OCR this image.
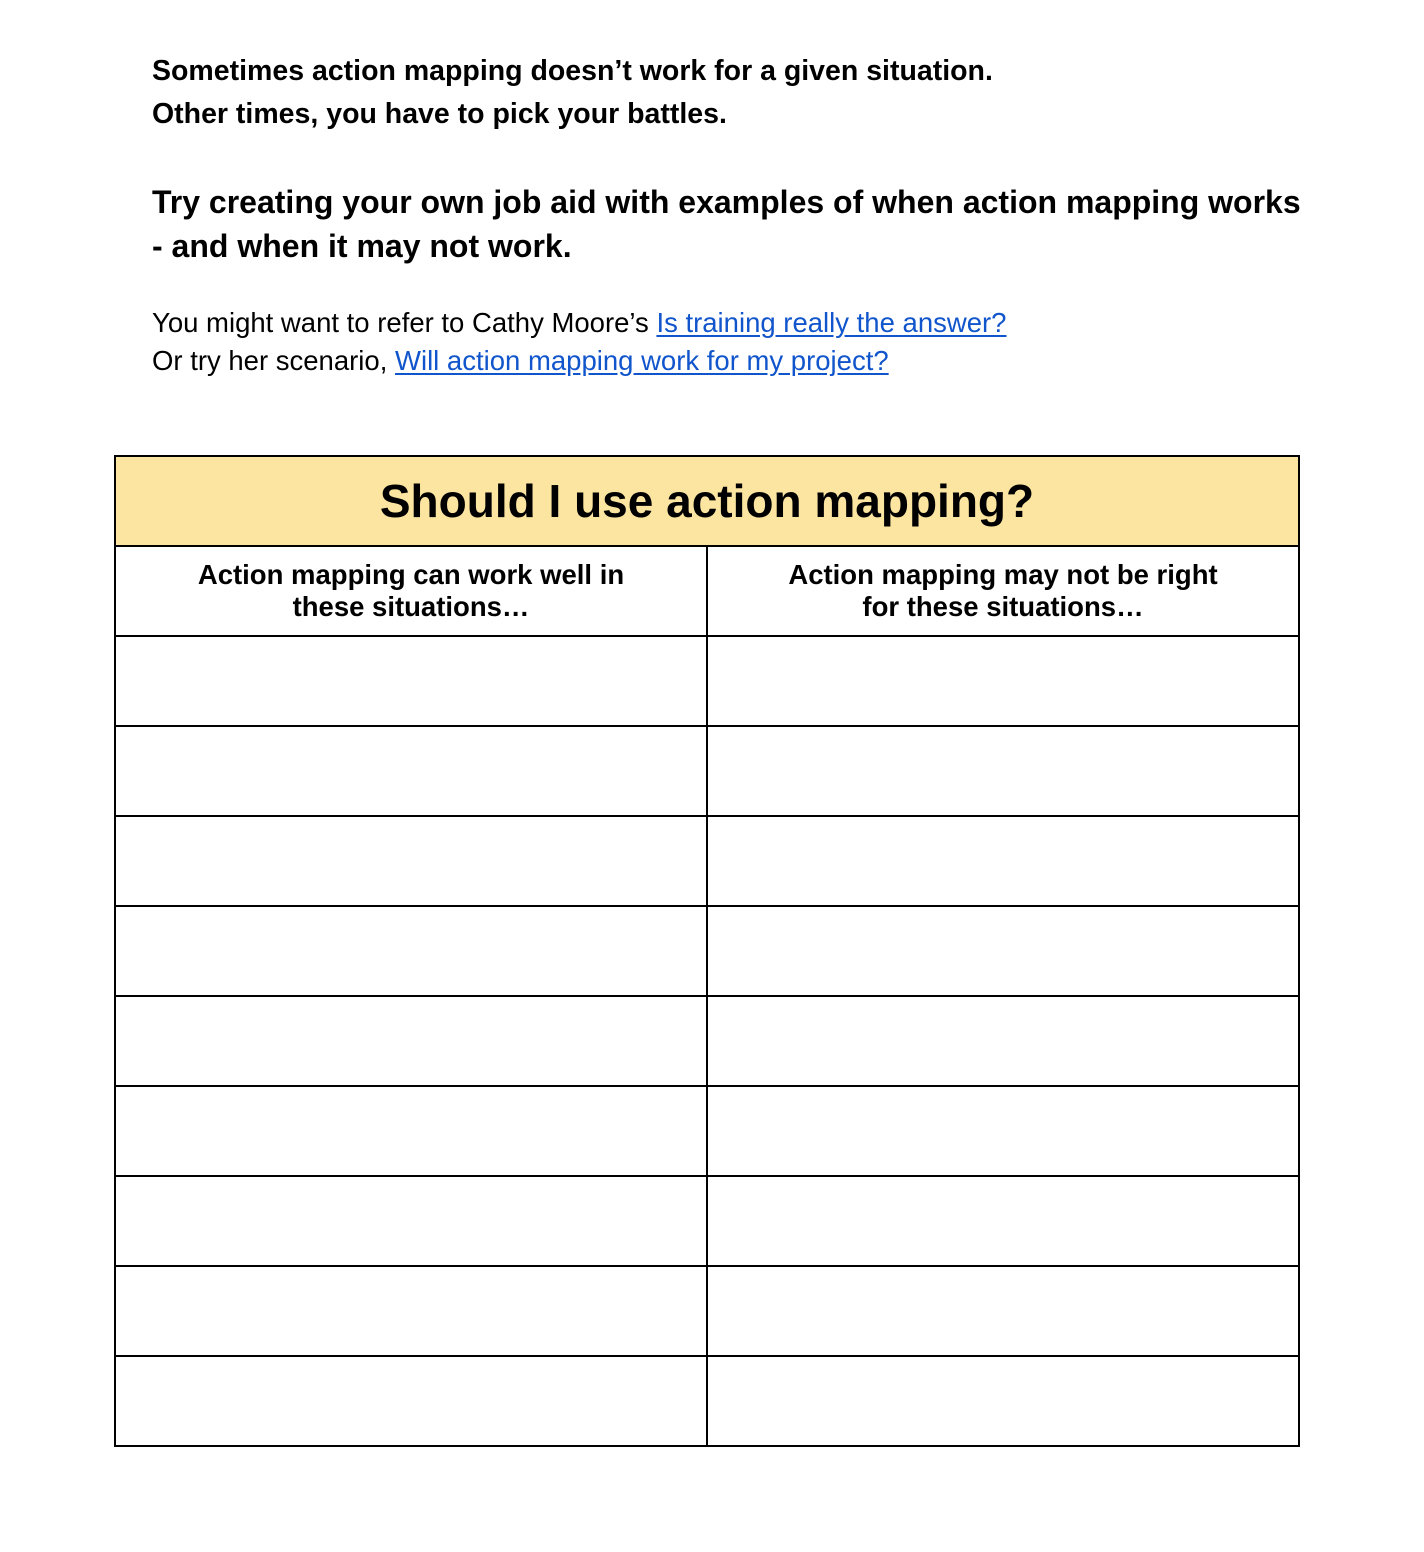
Sometimes action mapping doesn’t work for a given situation.
Other times, you have to pick your battles.

Try creating your own job aid with examples of when action mapping works - and when it may not work.

You might want to refer to Cathy Moore’s Is training really the answer?
Or try her scenario, Will action mapping work for my project?

Should I use action mapping?	
Action mapping can work well in these situations…	Action mapping may not be right for these situations…
